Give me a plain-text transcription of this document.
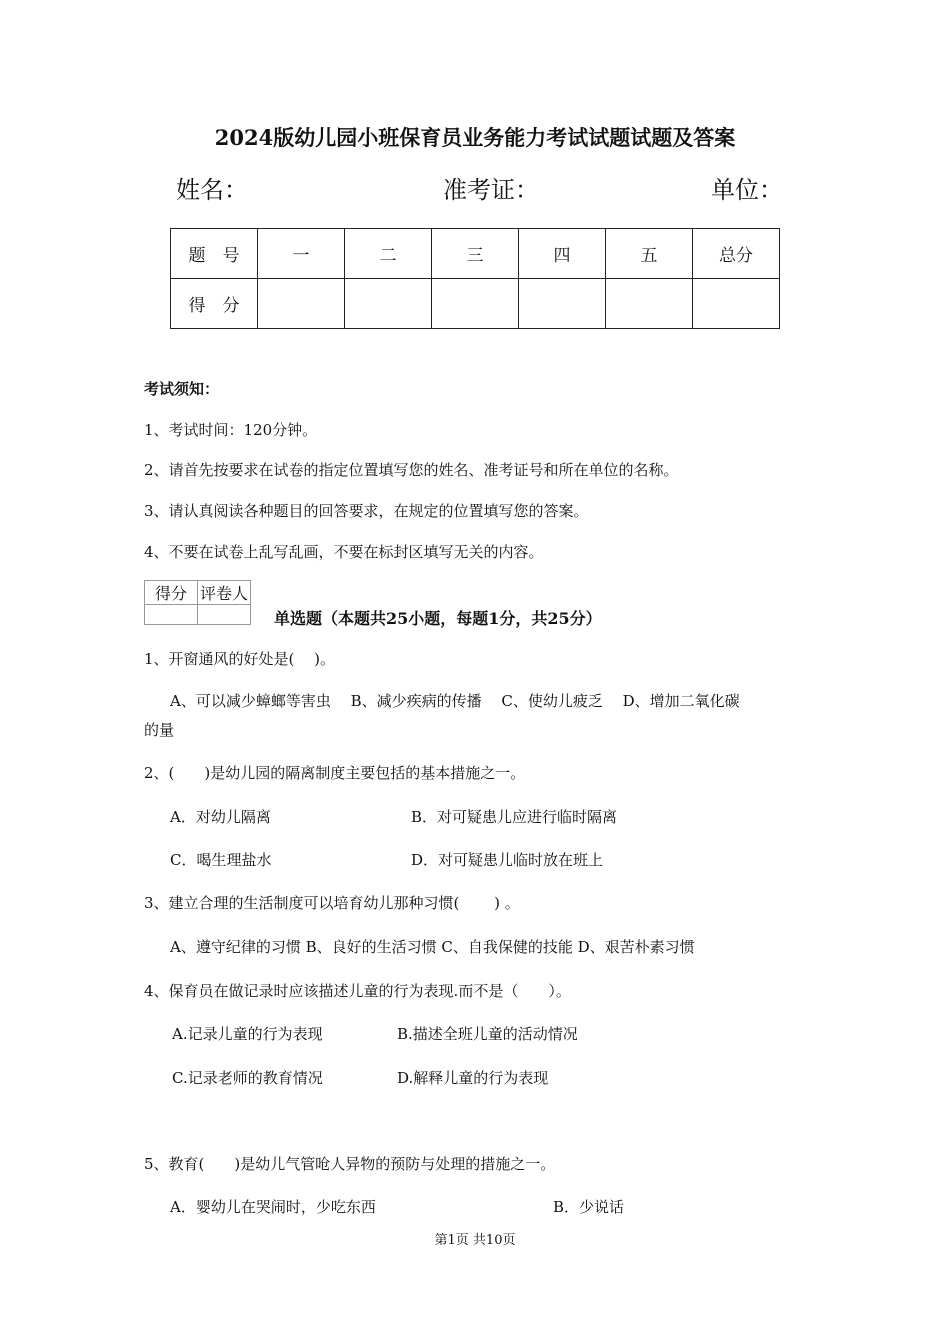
2024版幼儿园小班保育员业务能力考试试题试题及答案
姓名：	准考证：	单位：
题　号	一	二	三	四	五	总分
得　分						
考试须知：
1、考试时间：120分钟。
2、请首先按要求在试卷的指定位置填写您的姓名、准考证号和所在单位的名称。
3、请认真阅读各种题目的回答要求，在规定的位置填写您的答案。
4、不要在试卷上乱写乱画，不要在标封区填写无关的内容。
得分	评卷人

单选题（本题共25小题，每题1分，共25分）
1、开窗通风的好处是(　 )。
A、可以减少蟑螂等害虫　 B、减少疾病的传播　 C、使幼儿疲乏　 D、增加二氧化碳
的量
2、(　　)是幼儿园的隔离制度主要包括的基本措施之一。
A．对幼儿隔离	B．对可疑患儿应进行临时隔离
C．喝生理盐水	D．对可疑患儿临时放在班上
3、建立合理的生活制度可以培育幼儿那种习惯(　　 ) 。
A、遵守纪律的习惯 B、良好的生活习惯 C、自我保健的技能 D、艰苦朴素习惯
4、保育员在做记录时应该描述儿童的行为表现.而不是（　　）。
A.记录儿童的行为表现	B.描述全班儿童的活动情况
C.记录老师的教育情况	D.解释儿童的行为表现
5、教育(　　)是幼儿气管呛人异物的预防与处理的措施之一。
A．婴幼儿在哭闹时，少吃东西	B．少说话
第1页 共10页
